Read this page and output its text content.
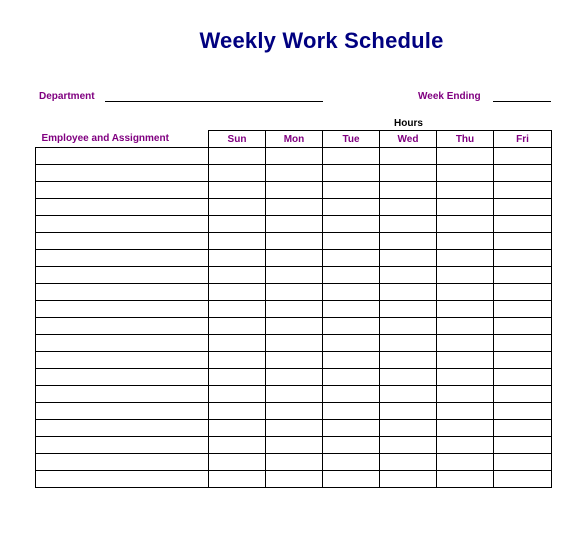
Weekly Work Schedule
Department	Week Ending
Hours
Employee and Assignment	Sun	Mon	Tue	Wed	Thu	Fri
